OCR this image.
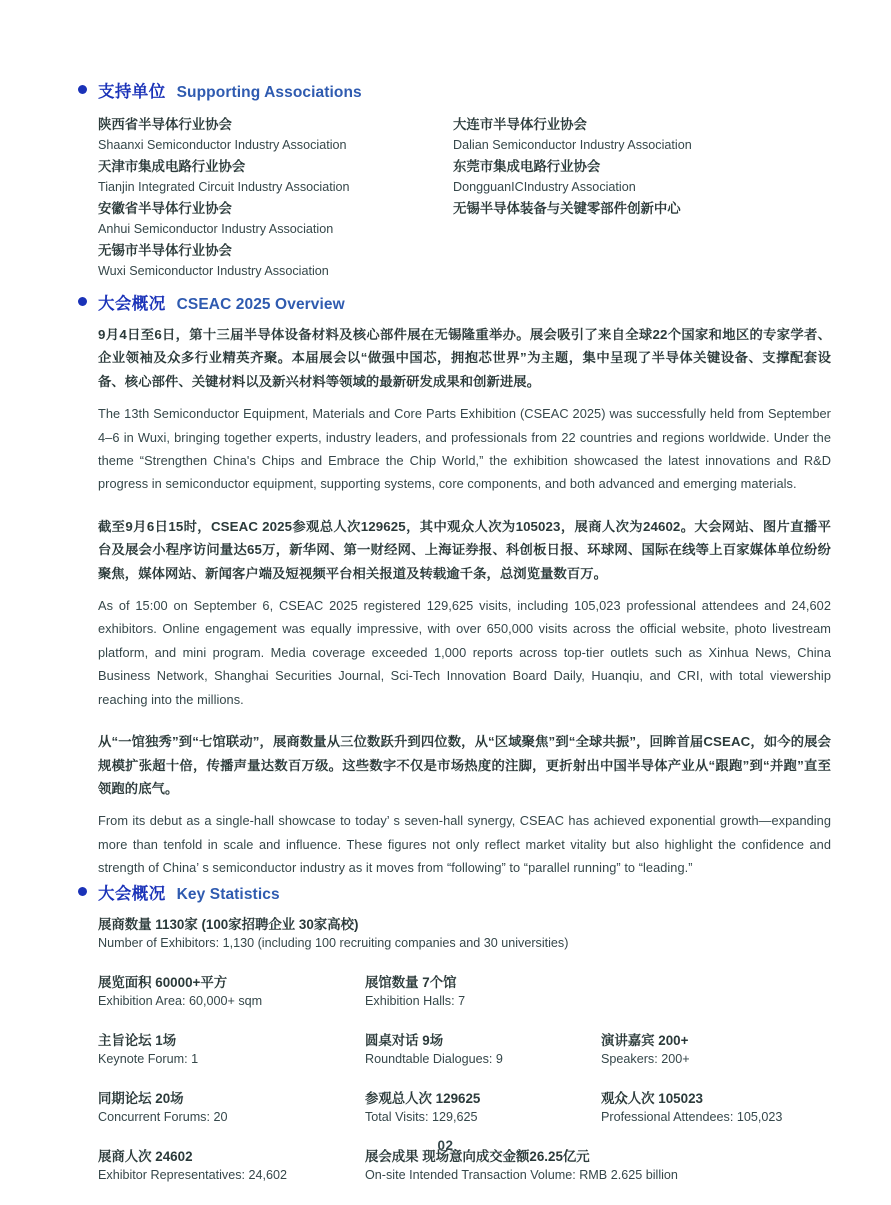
支持单位 Supporting Associations
陕西省半导体行业协会
Shaanxi Semiconductor Industry Association
天津市集成电路行业协会
Tianjin Integrated Circuit Industry Association
安徽省半导体行业协会
Anhui Semiconductor Industry Association
无锡市半导体行业协会
Wuxi Semiconductor Industry Association
大连市半导体行业协会
Dalian Semiconductor Industry Association
东莞市集成电路行业协会
DongguanICIndustry Association
无锡半导体装备与关键零部件创新中心
大会概况 CSEAC 2025 Overview

9月4日至6日，第十三届半导体设备材料及核心部件展在无锡隆重举办。展会吸引了来自全球22个国家和地区的专家学者、企业领袖及众多行业精英齐聚。本届展会以“做强中国芯，拥抱芯世界”为主题，集中呈现了半导体关键设备、支撑配套设备、核心部件、关键材料以及新兴材料等领域的最新研发成果和创新进展。

The 13th Semiconductor Equipment, Materials and Core Parts Exhibition (CSEAC 2025) was successfully held from September 4–6 in Wuxi, bringing together experts, industry leaders, and professionals from 22 countries and regions worldwide. Under the theme “Strengthen China's Chips and Embrace the Chip World,” the exhibition showcased the latest innovations and R&D progress in semiconductor equipment, supporting systems, core components, and both advanced and emerging materials.

截至9月6日15时，CSEAC 2025参观总人次129625，其中观众人次为105023，展商人次为24602。大会网站、图片直播平台及展会小程序访问量达65万，新华网、第一财经网、上海证券报、科创板日报、环球网、国际在线等上百家媒体单位纷纷聚焦，媒体网站、新闻客户端及短视频平台相关报道及转载逾千条，总浏览量数百万。

As of 15:00 on September 6, CSEAC 2025 registered 129,625 visits, including 105,023 professional attendees and 24,602 exhibitors. Online engagement was equally impressive, with over 650,000 visits across the official website, photo livestream platform, and mini program. Media coverage exceeded 1,000 reports across top-tier outlets such as Xinhua News, China Business Network, Shanghai Securities Journal, Sci-Tech Innovation Board Daily, Huanqiu, and CRI, with total viewership reaching into the millions.

从“一馆独秀”到“七馆联动”，展商数量从三位数跃升到四位数，从“区域聚焦”到“全球共振”，回眸首届CSEAC，如今的展会规模扩张超十倍，传播声量达数百万级。这些数字不仅是市场热度的注脚，更折射出中国半导体产业从“跟跑”到“并跑”直至领跑的底气。

From its debut as a single-hall showcase to today’ s seven-hall synergy, CSEAC has achieved exponential growth—expanding more than tenfold in scale and influence. These figures not only reflect market vitality but also highlight the confidence and strength of China’ s semiconductor industry as it moves from “following” to “parallel running” to “leading.”

大会概况 Key Statistics
展商数量 1130家 (100家招聘企业 30家高校)
Number of Exhibitors: 1,130 (including 100 recruiting companies and 30 universities)
展览面积 60000+平方
Exhibition Area: 60,000+ sqm
展馆数量 7个馆
Exhibition Halls: 7
主旨论坛 1场
Keynote Forum: 1
圆桌对话 9场
Roundtable Dialogues: 9
演讲嘉宾 200+
Speakers: 200+
同期论坛 20场
Concurrent Forums: 20
参观总人次 129625
Total Visits: 129,625
观众人次 105023
Professional Attendees: 105,023
展商人次 24602
Exhibitor Representatives: 24,602
展会成果 现场意向成交金额26.25亿元
On-site Intended Transaction Volume: RMB 2.625 billion
02
